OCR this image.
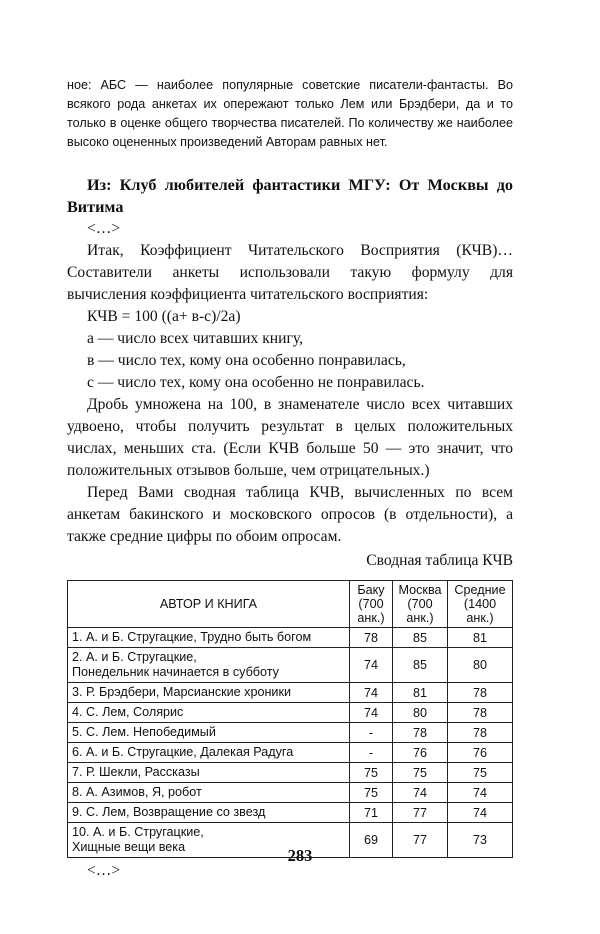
ное: АБС — наиболее популярные советские писатели-фантасты. Во всякого рода анкетах их опережают только Лем или Брэдбери, да и то только в оценке общего творчества писателей. По количеству же наиболее высоко оцененных произведений Авторам равных нет.

Из: Клуб любителей фантастики МГУ: От Москвы до Витима

<…>

Итак, Коэффициент Читательского Восприятия (КЧВ)… Составители анкеты использовали такую формулу для вычисления коэффициента читательского восприятия:

КЧВ = 100 ((а+ в-с)/2а)

а — число всех читавших книгу,

в — число тех, кому она особенно понравилась,

с — число тех, кому она особенно не понравилась.

Дробь умножена на 100, в знаменателе число всех читавших удвоено, чтобы получить результат в целых положительных числах, меньших ста. (Если КЧВ больше 50 — это значит, что положительных отзывов больше, чем отрицательных.)

Перед Вами сводная таблица КЧВ, вычисленных по всем анкетам бакинского и московского опросов (в отдельности), а также средние цифры по обоим опросам.

Сводная таблица КЧВ

АВТОР И КНИГА	Баку (700 анк.)	Москва (700 анк.)	Средние (1400 анк.)
1. А. и Б. Стругацкие, Трудно быть богом	78	85	81
2. А. и Б. Стругацкие,
Понедельник начинается в субботу	74	85	80
3. Р. Брэдбери, Марсианские хроники	74	81	78
4. С. Лем, Солярис	74	80	78
5. С. Лем. Непобедимый	-	78	78
6. А. и Б. Стругацкие, Далекая Радуга	-	76	76
7. Р. Шекли, Рассказы	75	75	75
8. А. Азимов, Я, робот	75	74	74
9. С. Лем, Возвращение со звезд	71	77	74
10. А. и Б. Стругацкие,
Хищные вещи века	69	77	73

<…>

283
